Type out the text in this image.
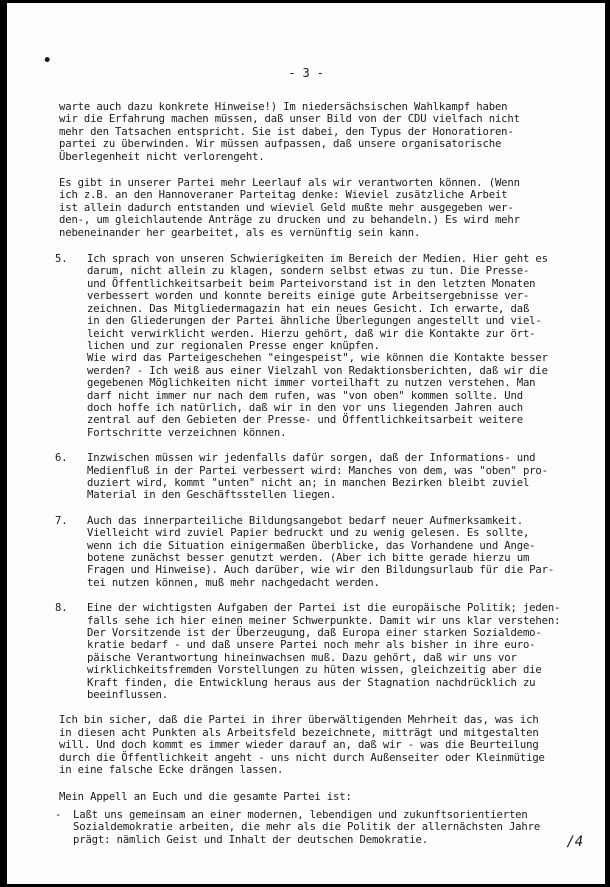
•
- 3 -
warte auch dazu konkrete Hinweise!) Im niedersächsischen Wahlkampf haben
wir die Erfahrung machen müssen, daß unser Bild von der CDU vielfach nicht
mehr den Tatsachen entspricht. Sie ist dabei, den Typus der Honoratioren-
partei zu überwinden. Wir müssen aufpassen, daß unsere organisatorische
Überlegenheit nicht verlorengeht.
Es gibt in unserer Partei mehr Leerlauf als wir verantworten können. (Wenn
ich z.B. an den Hannoveraner Parteitag denke: Wieviel zusätzliche Arbeit
ist allein dadurch entstanden und wieviel Geld mußte mehr ausgegeben wer-
den-, um gleichlautende Anträge zu drucken und zu behandeln.) Es wird mehr
nebeneinander her gearbeitet, als es vernünftig sein kann.
5. Ich sprach von unseren Schwierigkeiten im Bereich der Medien. Hier geht es
darum, nicht allein zu klagen, sondern selbst etwas zu tun. Die Presse-
und Öffentlichkeitsarbeit beim Parteivorstand ist in den letzten Monaten
verbessert worden und konnte bereits einige gute Arbeitsergebnisse ver-
zeichnen. Das Mitgliedermagazin hat ein neues Gesicht. Ich erwarte, daß
in den Gliederungen der Partei ähnliche Überlegungen angestellt und viel-
leicht verwirklicht werden. Hierzu gehört, daß wir die Kontakte zur ört-
lichen und zur regionalen Presse enger knüpfen.
Wie wird das Parteigeschehen "eingespeist", wie können die Kontakte besser
werden? - Ich weiß aus einer Vielzahl von Redaktionsberichten, daß wir die
gegebenen Möglichkeiten nicht immer vorteilhaft zu nutzen verstehen. Man
darf nicht immer nur nach dem rufen, was "von oben" kommen sollte. Und
doch hoffe ich natürlich, daß wir in den vor uns liegenden Jahren auch
zentral auf den Gebieten der Presse- und Öffentlichkeitsarbeit weitere
Fortschritte verzeichnen können.
6. Inzwischen müssen wir jedenfalls dafür sorgen, daß der Informations- und
Medienfluß in der Partei verbessert wird: Manches von dem, was "oben" pro-
duziert wird, kommt "unten" nicht an; in manchen Bezirken bleibt zuviel
Material in den Geschäftsstellen liegen.
7. Auch das innerparteiliche Bildungsangebot bedarf neuer Aufmerksamkeit.
Vielleicht wird zuviel Papier bedruckt und zu wenig gelesen. Es sollte,
wenn ich die Situation einigermaßen überblicke, das Vorhandene und Ange-
botene zunächst besser genutzt werden. (Aber ich bitte gerade hierzu um
Fragen und Hinweise). Auch darüber, wie wir den Bildungsurlaub für die Par-
tei nutzen können, muß mehr nachgedacht werden.
8. Eine der wichtigsten Aufgaben der Partei ist die europäische Politik; jeden-
falls sehe ich hier einen meiner Schwerpunkte. Damit wir uns klar verstehen:
Der Vorsitzende ist der Überzeugung, daß Europa einer starken Sozialdemo-
kratie bedarf - und daß unsere Partei noch mehr als bisher in ihre euro-
päische Verantwortung hineinwachsen muß. Dazu gehört, daß wir uns vor
wirklichkeitsfremden Vorstellungen zu hüten wissen, gleichzeitig aber die
Kraft finden, die Entwicklung heraus aus der Stagnation nachdrücklich zu
beeinflussen.
Ich bin sicher, daß die Partei in ihrer überwältigenden Mehrheit das, was ich
in diesen acht Punkten als Arbeitsfeld bezeichnete, mitträgt und mitgestalten
will. Und doch kommt es immer wieder darauf an, daß wir - was die Beurteilung
durch die Öffentlichkeit angeht - uns nicht durch Außenseiter oder Kleinmütige
in eine falsche Ecke drängen lassen.
Mein Appell an Euch und die gesamte Partei ist:
- Laßt uns gemeinsam an einer modernen, lebendigen und zukunftsorientierten
Sozialdemokratie arbeiten, die mehr als die Politik der allernächsten Jahre
prägt: nämlich Geist und Inhalt der deutschen Demokratie.	/4
